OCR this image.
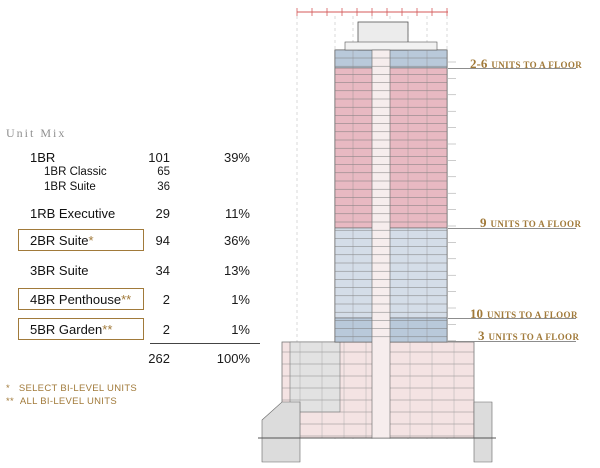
Unit Mix
1BR	101	39%
1BR Classic	65
1BR Suite	36
1RB Executive	29	11%
2BR Suite*	94	36%
3BR Suite	34	13%
4BR Penthouse** 2	1%
5BR Garden**	2	1%
262	100%
* SELECT BI-LEVEL UNITS
** ALL BI-LEVEL UNITS
2-6 UNITS TO A FLOOR
9 UNITS TO A FLOOR
10 UNITS TO A FLOOR
3 UNITS TO A FLOOR
